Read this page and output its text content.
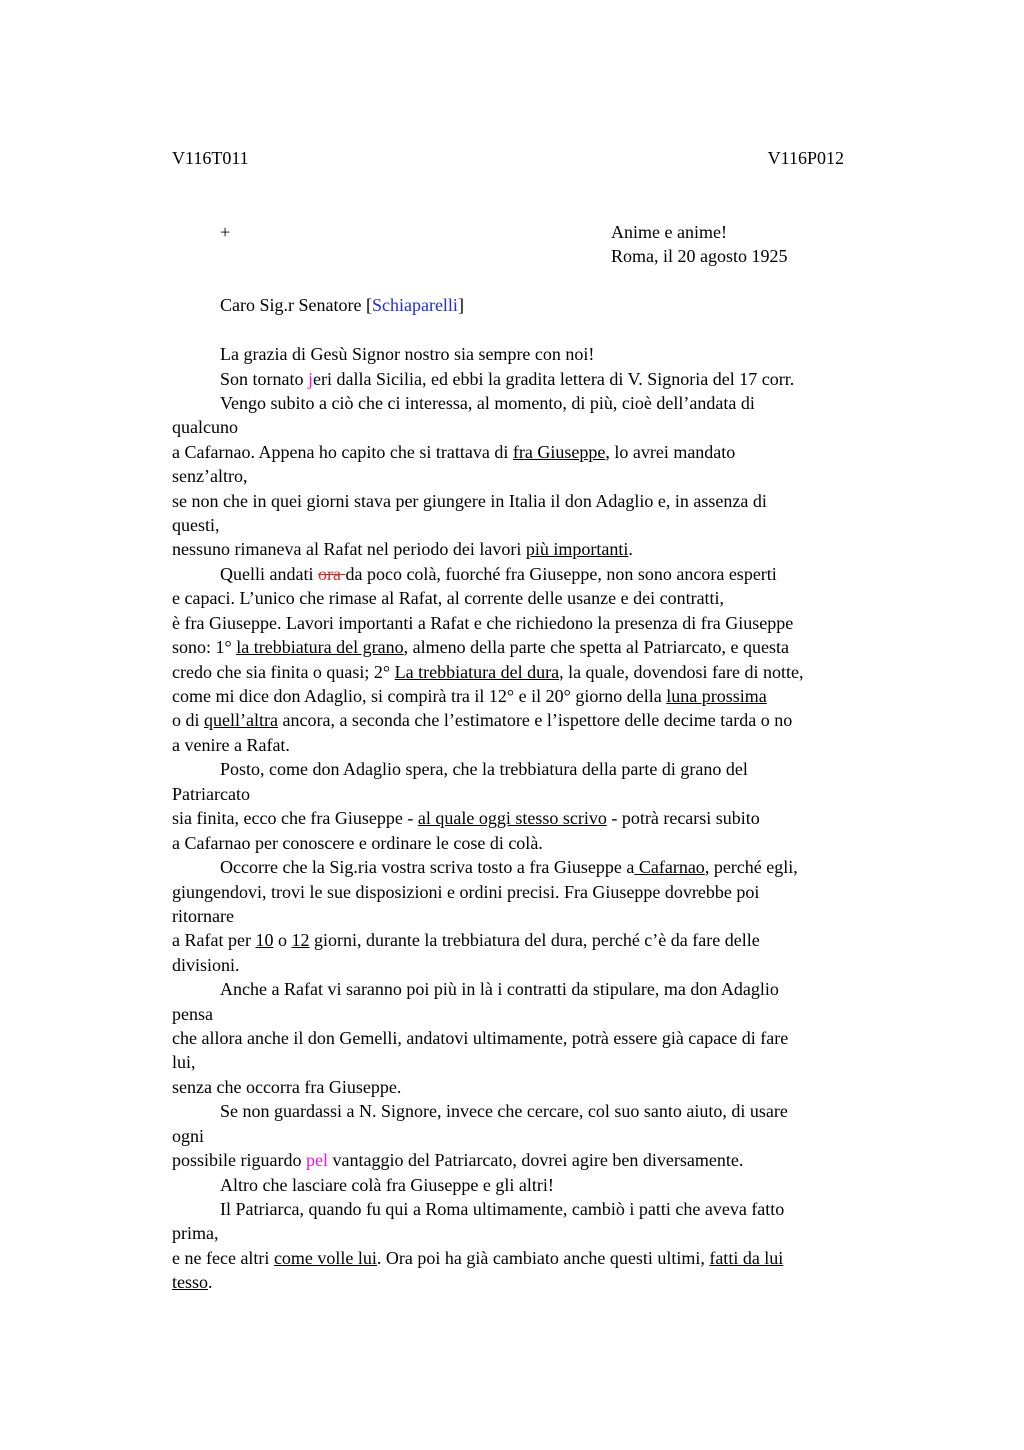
V116T011	V116P012
+	Anime e anime!
Roma, il 20 agosto 1925
Caro Sig.r Senatore [Schiaparelli]
La grazia di Gesù Signor nostro sia sempre con noi!
Son tornato jeri dalla Sicilia, ed ebbi la gradita lettera di V. Signoria del 17 corr.
Vengo subito a ciò che ci interessa, al momento, di più, cioè dell’andata di
qualcuno
a Cafarnao. Appena ho capito che si trattava di fra Giuseppe, lo avrei mandato
senz’altro,
se non che in quei giorni stava per giungere in Italia il don Adaglio e, in assenza di
questi,
nessuno rimaneva al Rafat nel periodo dei lavori più importanti.
Quelli andati ora da poco colà, fuorché fra Giuseppe, non sono ancora esperti
e capaci. L’unico che rimase al Rafat, al corrente delle usanze e dei contratti,
è fra Giuseppe. Lavori importanti a Rafat e che richiedono la presenza di fra Giuseppe
sono: 1° la trebbiatura del grano, almeno della parte che spetta al Patriarcato, e questa
credo che sia finita o quasi; 2° La trebbiatura del dura, la quale, dovendosi fare di notte,
come mi dice don Adaglio, si compirà tra il 12° e il 20° giorno della luna prossima
o di quell’altra ancora, a seconda che l’estimatore e l’ispettore delle decime tarda o no
a venire a Rafat.
Posto, come don Adaglio spera, che la trebbiatura della parte di grano del
Patriarcato
sia finita, ecco che fra Giuseppe - al quale oggi stesso scrivo - potrà recarsi subito
a Cafarnao per conoscere e ordinare le cose di colà.
Occorre che la Sig.ria vostra scriva tosto a fra Giuseppe a Cafarnao, perché egli,
giungendovi, trovi le sue disposizioni e ordini precisi. Fra Giuseppe dovrebbe poi
ritornare
a Rafat per 10 o 12 giorni, durante la trebbiatura del dura, perché c’è da fare delle
divisioni.
Anche a Rafat vi saranno poi più in là i contratti da stipulare, ma don Adaglio
pensa
che allora anche il don Gemelli, andatovi ultimamente, potrà essere già capace di fare
lui,
senza che occorra fra Giuseppe.
Se non guardassi a N. Signore, invece che cercare, col suo santo aiuto, di usare
ogni
possibile riguardo pel vantaggio del Patriarcato, dovrei agire ben diversamente.
Altro che lasciare colà fra Giuseppe e gli altri!
Il Patriarca, quando fu qui a Roma ultimamente, cambiò i patti che aveva fatto
prima,
e ne fece altri come volle lui. Ora poi ha già cambiato anche questi ultimi, fatti da lui
tesso.
